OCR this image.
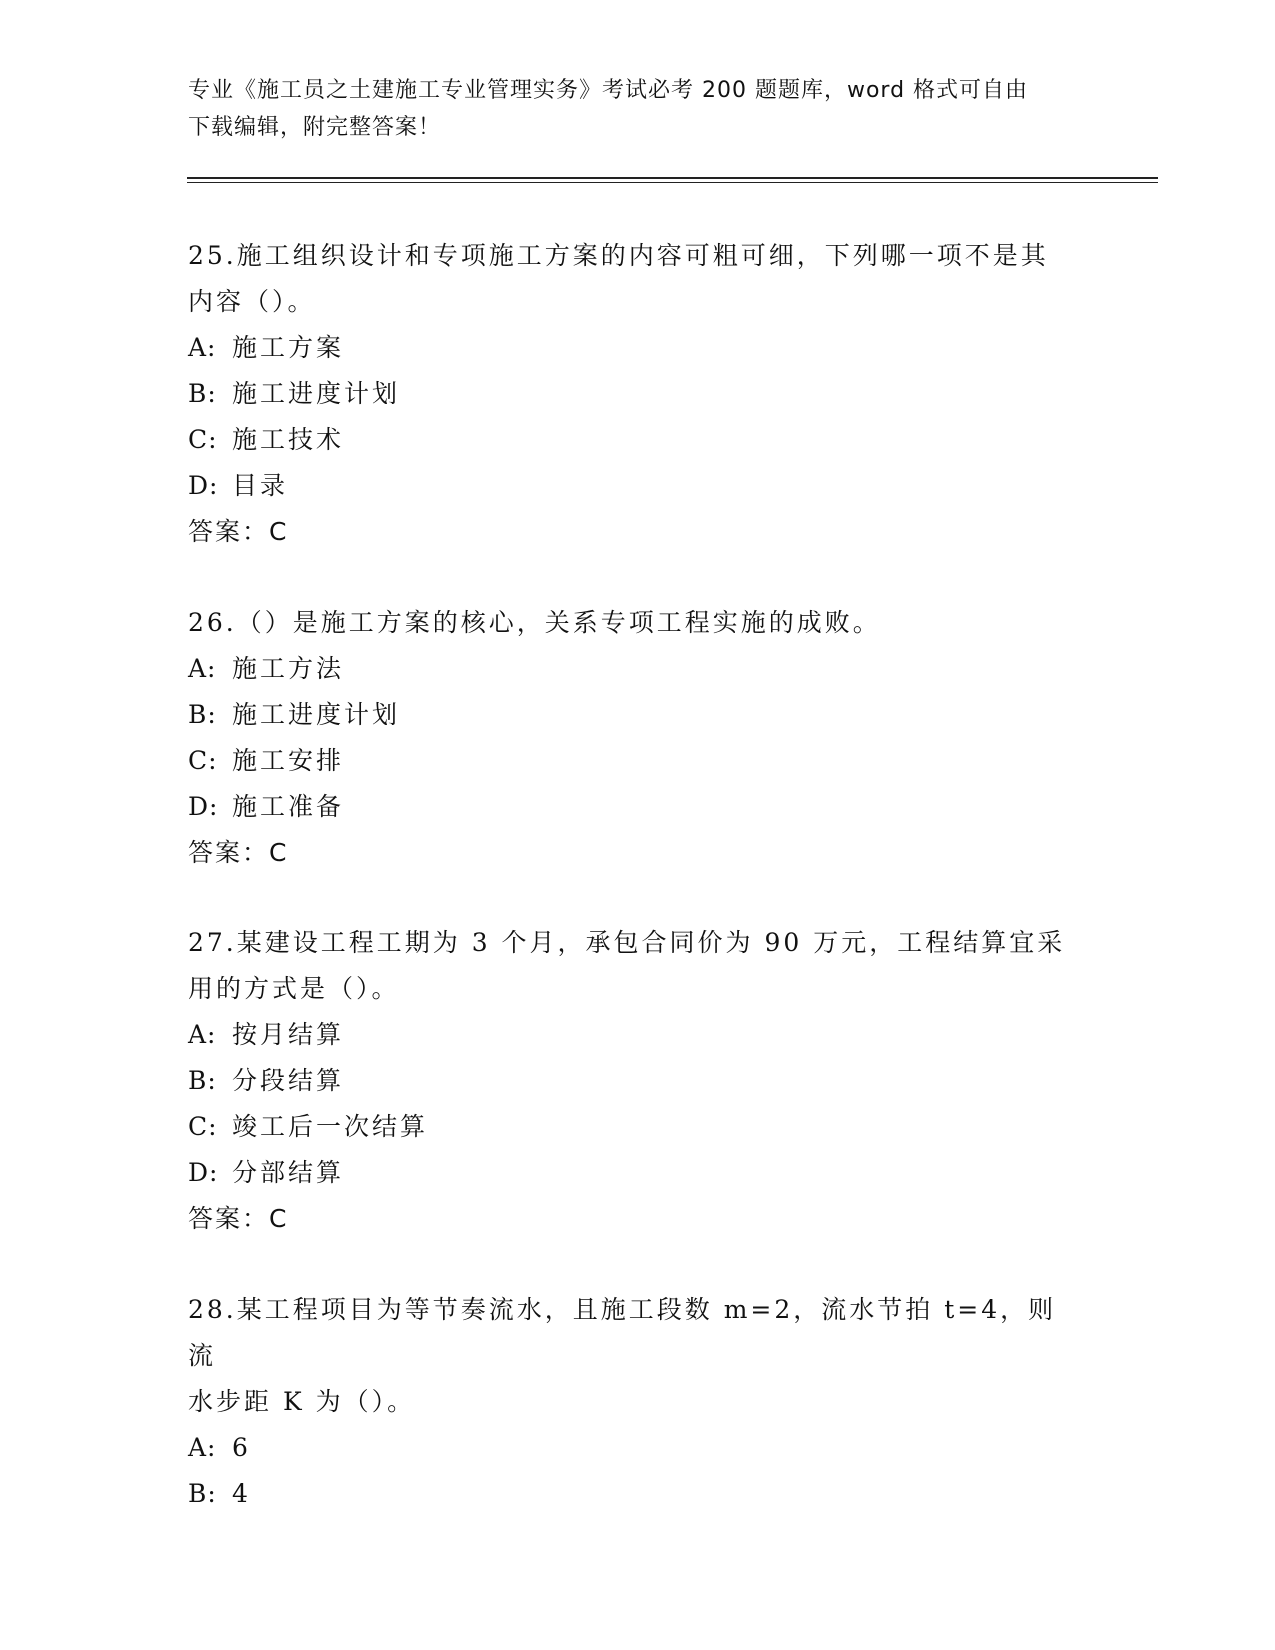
专业《施工员之土建施工专业管理实务》考试必考 200 题题库，word 格式可自由
下载编辑，附完整答案！

25.施工组织设计和专项施工方案的内容可粗可细，下列哪一项不是其

内容（）。

A: 施工方案

B: 施工进度计划

C: 施工技术

D: 目录

答案：C

26.（）是施工方案的核心，关系专项工程实施的成败。

A: 施工方法

B: 施工进度计划

C: 施工安排

D: 施工准备

答案：C

27.某建设工程工期为 3 个月，承包合同价为 90 万元，工程结算宜采

用的方式是（）。

A: 按月结算

B: 分段结算

C: 竣工后一次结算

D: 分部结算

答案：C

28.某工程项目为等节奏流水，且施工段数 m=2，流水节拍 t=4，则流

水步距 K 为（）。

A: 6

B: 4
